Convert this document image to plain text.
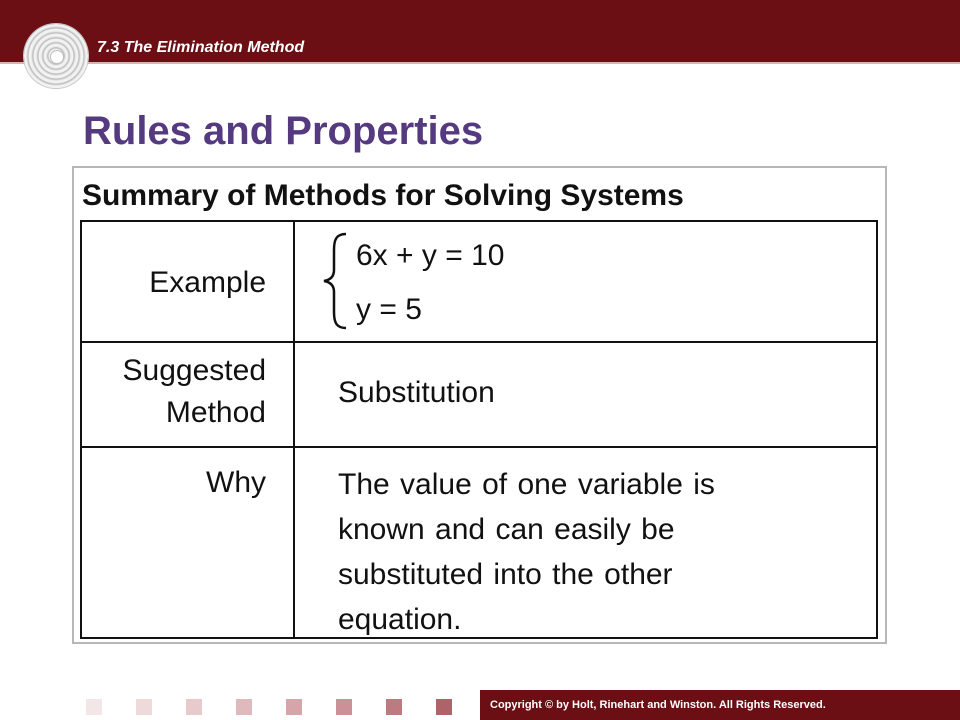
7.3 The Elimination Method
Rules and Properties
Summary of Methods for Solving Systems
Example
6x + y = 10
y = 5
Suggested Method
Substitution
Why The value of one variable is known and can easily be substituted into the other equation.
Copyright © by Holt, Rinehart and Winston. All Rights Reserved.
